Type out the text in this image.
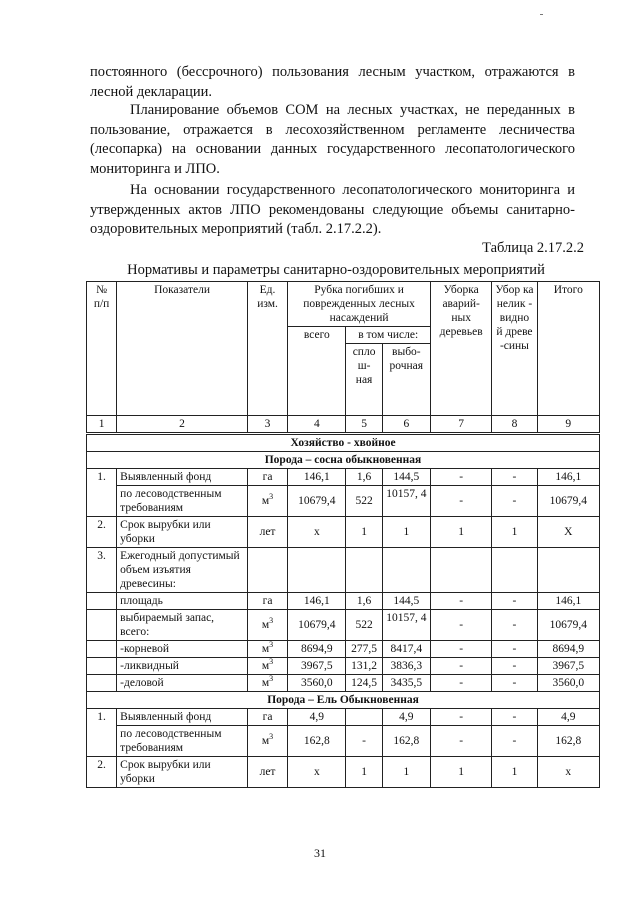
постоянного (бессрочного) пользования лесным участком, отражаются в лесной декларации.

Планирование объемов СОМ на лесных участках, не переданных в пользование, отражается в лесохозяйственном регламенте лесничества (лесопарка) на основании данных государственного лесопатологического мониторинга и ЛПО.

На основании государственного лесопатологического мониторинга и утвержденных актов ЛПО рекомендованы следующие объемы санитарно-оздоровительных мероприятий (табл. 2.17.2.2).

Таблица 2.17.2.2
Нормативы и параметры санитарно-оздоровительных мероприятий
№ п/п	Показатели	Ед. изм.	Рубка погибших и поврежденных лесных насаждений			Уборка аварий- ных деревьев	Убор ка нелик - видно й древе -сины	Итого
			всего	в том числе:				
				спло ш- ная	выбо- рочная			
1	2	3	4	5	6	7	8	9
Хозяйство - хвойное								
Порода – сосна обыкновенная								
1.	Выявленный фонд	га	146,1	1,6	144,5	-	-	146,1
	по лесоводственным требованиям	$м^3$	10679,4	522	10157, 4	-	-	10679,4
2.	Срок вырубки или уборки	лет	х	1	1	1	1	Х
3.	Ежегодный допустимый объем изъятия древесины:							
	площадь	га	146,1	1,6	144,5	-	-	146,1
	выбираемый запас, всего:	$м^3$	10679,4	522	10157, 4	-	-	10679,4
	-корневой	$м^3$	8694,9	277,5	8417,4	-	-	8694,9
	-ликвидный	$м^3$	3967,5	131,2	3836,3	-	-	3967,5
	-деловой	$м^3$	3560,0	124,5	3435,5	-	-	3560,0
Порода – Ель Обыкновенная								
1.	Выявленный фонд	га	4,9		4,9	-	-	4,9
	по лесоводственным требованиям	$м^3$	162,8	-	162,8	-	-	162,8
2.	Срок вырубки или уборки	лет	х	1	1	1	1	х
31
